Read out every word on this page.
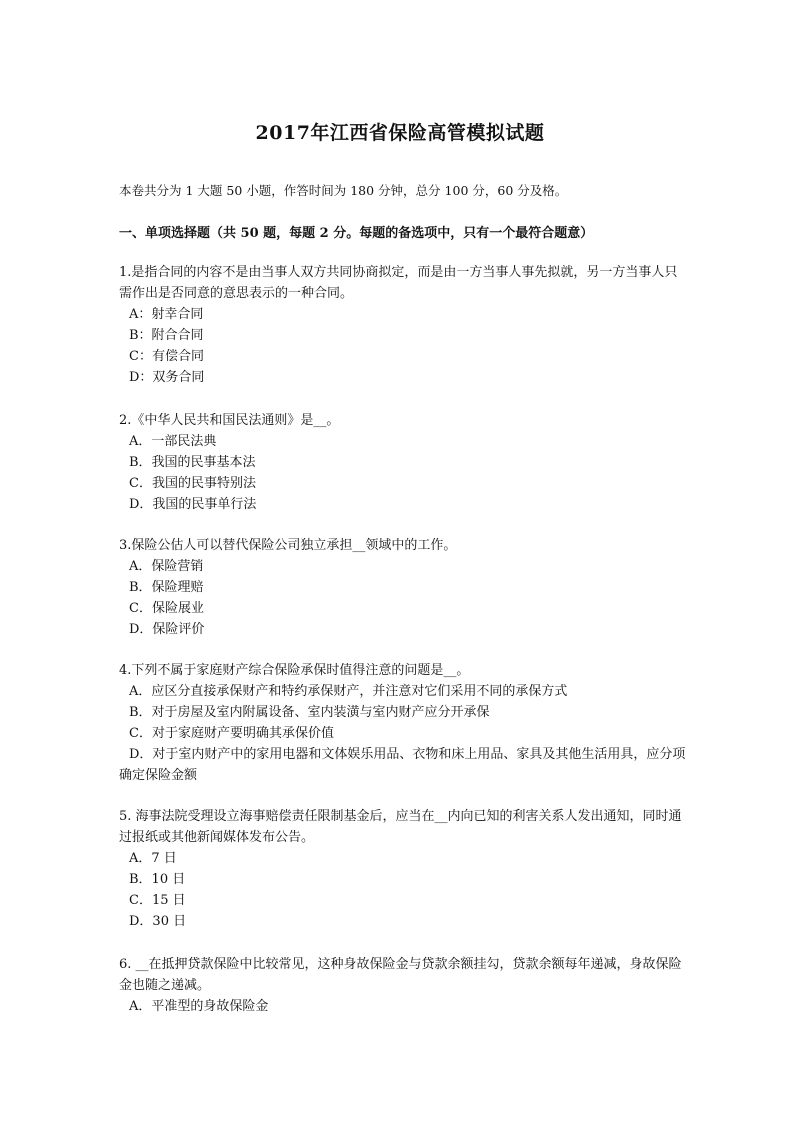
2017年江西省保险高管模拟试题
本卷共分为 1 大题 50 小题，作答时间为 180 分钟，总分 100 分，60 分及格。
一、单项选择题（共 50 题，每题 2 分。每题的备选项中，只有一个最符合题意）
1.是指合同的内容不是由当事人双方共同协商拟定，而是由一方当事人事先拟就，另一方当事人只需作出是否同意的意思表示的一种合同。
A：射幸合同
B：附合合同
C：有偿合同
D：双务合同
2.《中华人民共和国民法通则》是__。
A．一部民法典
B．我国的民事基本法
C．我国的民事特别法
D．我国的民事单行法
3.保险公估人可以替代保险公司独立承担__领域中的工作。
A．保险营销
B．保险理赔
C．保险展业
D．保险评价
4.下列不属于家庭财产综合保险承保时值得注意的问题是__。
A．应区分直接承保财产和特约承保财产，并注意对它们采用不同的承保方式
B．对于房屋及室内附属设备、室内装潢与室内财产应分开承保
C．对于家庭财产要明确其承保价值
D．对于室内财产中的家用电器和文体娱乐用品、衣物和床上用品、家具及其他生活用具，应分项确定保险金额
5. 海事法院受理设立海事赔偿责任限制基金后，应当在__内向已知的利害关系人发出通知，同时通过报纸或其他新闻媒体发布公告。
A．7 日
B．10 日
C．15 日
D．30 日
6. __在抵押贷款保险中比较常见，这种身故保险金与贷款余额挂勾，贷款余额每年递减，身故保险金也随之递减。
A．平准型的身故保险金
